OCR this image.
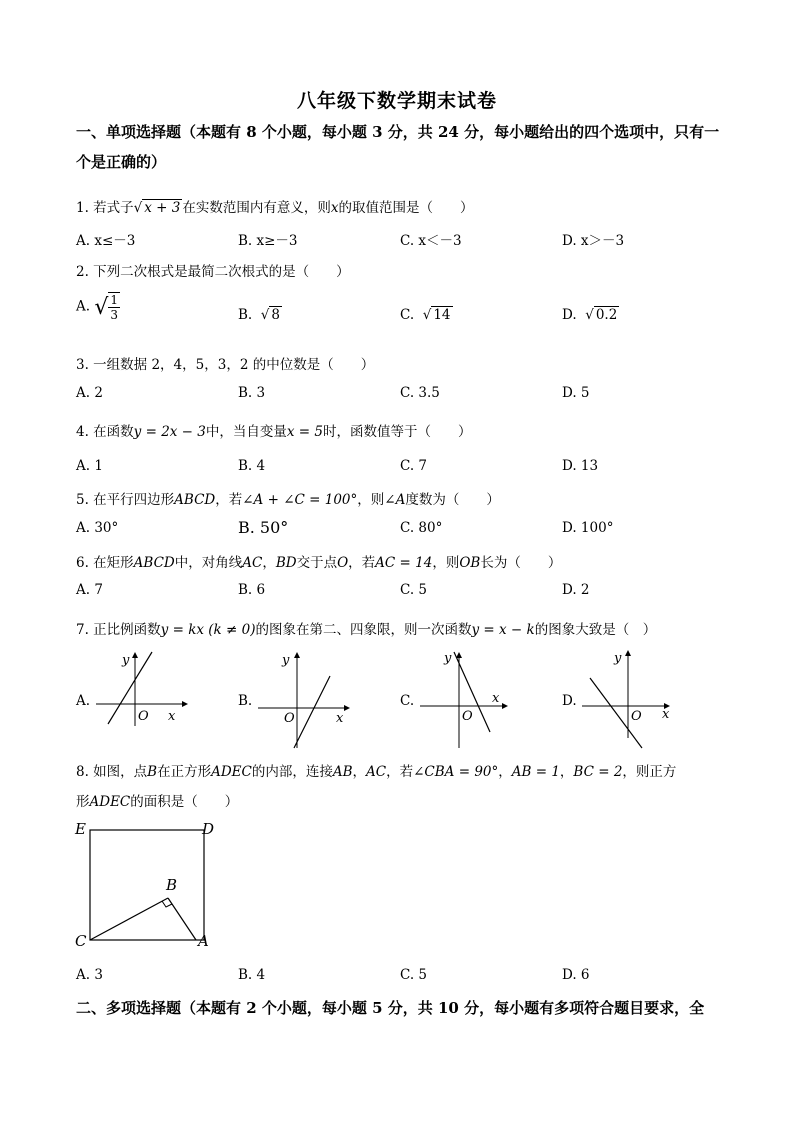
八年级下数学期末试卷
一、单项选择题（本题有 8 个小题，每小题 3 分，共 24 分，每小题给出的四个选项中，只有一个是正确的）
1. 若式子√ x + 3 在实数范围内有意义，则x的取值范围是（　　）
A. x≤－3	B. x≥－3	C. x＜－3	D. x＞－3
2. 下列二次根式是最简二次根式的是（　　）
A. √ $\frac{1}{3}$	B.  √ 8	C.  √ 14	D.  √ 0.2
3. 一组数据 2，4，5，3，2 的中位数是（　　）
A. 2	B. 3	C. 3.5	D. 5
4. 在函数y = 2x − 3中，当自变量x = 5时，函数值等于（　　）
A. 1	B. 4	C. 7	D. 13
5. 在平行四边形ABCD，若∠A + ∠C = 100°，则∠A度数为（　　）
A. 30°	B. 50°	C. 80°	D. 100°
6. 在矩形ABCD中，对角线AC，BD交于点O，若AC = 14，则OB长为（　　）
A. 7	B. 6	C. 5	D. 2
7. 正比例函数y = kx (k ≠ 0)的图象在第二、四象限，则一次函数y = x − k的图象大致是（　）
A.
y
x
O
B.
y
x
O
C.
y
x
O
D.
y
x
O
8. 如图，点B在正方形ADEC的内部，连接AB，AC，若∠CBA = 90°，AB = 1，BC = 2，则正方
形ADEC的面积是（　　）
E	D
B
C	A
A. 3	B. 4	C. 5	D. 6
二、多项选择题（本题有 2 个小题，每小题 5 分，共 10 分，每小题有多项符合题目要求，全
